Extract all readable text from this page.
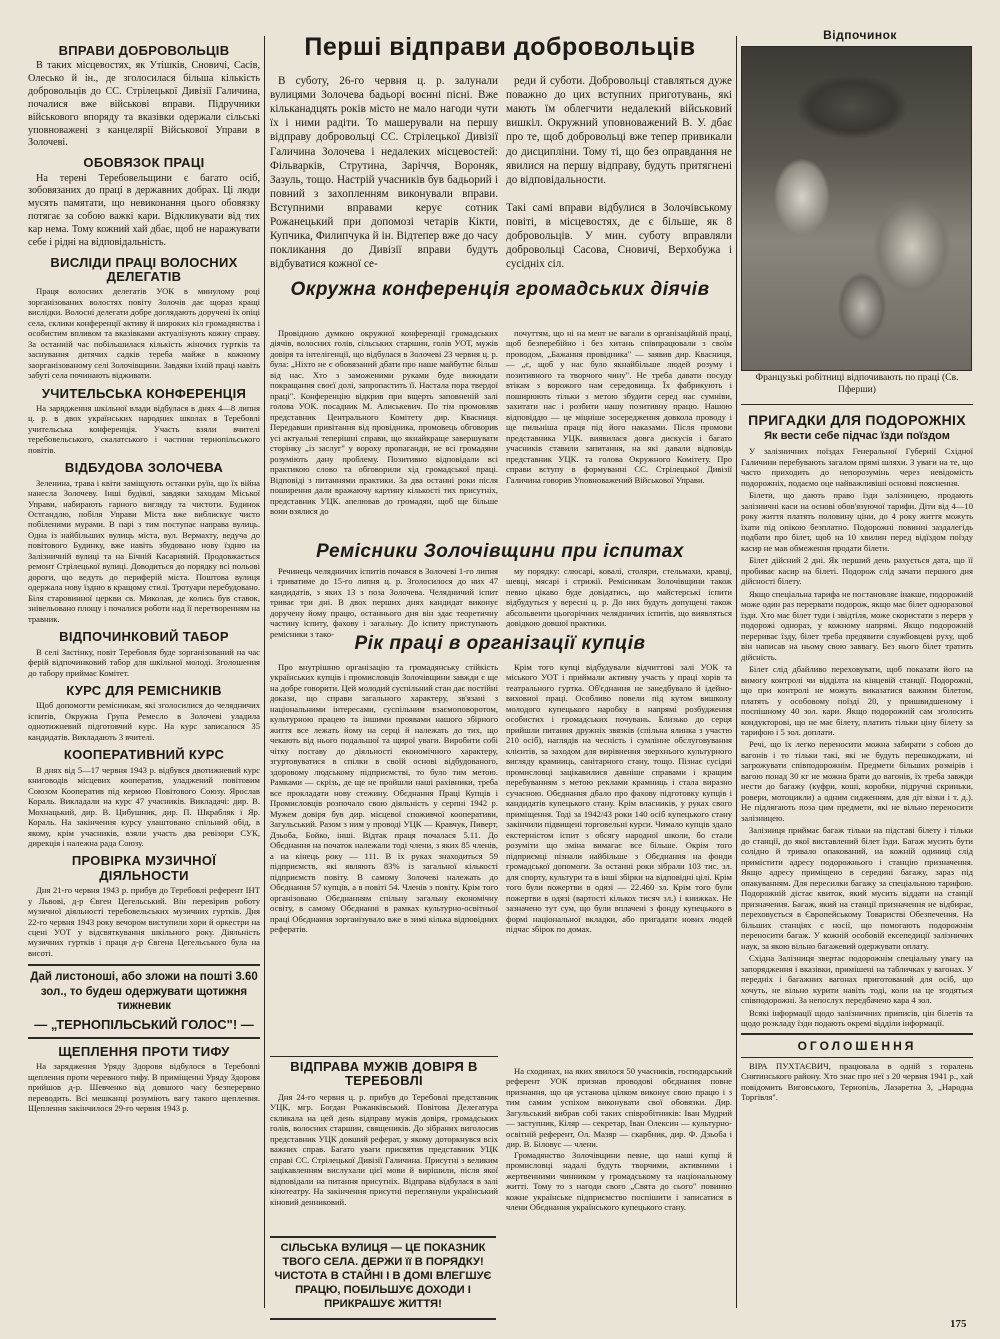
ВПРАВИ ДОБРОВОЛЬЦІВ

В таких місцевостях, як Утішків, Сновичі, Сасів, Олесько й ін., де зголосилася більша кількість добровольців до СС. Стрілецької Дивізії Галичина, почалися вже військові вправи. Підручники військового впоряду та вказівки одержали сільські уповноважені з канцелярії Військової Управи в Золочеві.

ОБОВЯЗОК ПРАЦІ

На терені Теребовельщини є багато осіб, зобовязаних до праці в державних добрах. Ці люди мусять памятати, що невиконання цього обовязку потягає за собою важкі кари. Відкликувати від тих кар нема. Тому кожний хай дбає, щоб не наражувати себе і рідні на відповідальність.

ВИСЛІДИ ПРАЦІ ВОЛОСНИХ ДЕЛЕГАТІВ

Праця волосних делегатів УОК в минулому році зорганізованих волостях повіту Золочів дає щораз кращі вислідки. Волосні делегати добре доглядають доручені їх опіці села, склики конференції активу й широких кіл громадянства і особистим впливом та вказівками актуалізують кожну справу. За останній час побільшилася кількість жіночих гуртків та заснування дитячих садків тереба майже в кожному заорганізованому селі Золочівщини. Завдяки їхній праці навіть забуті села починають відживати.

УЧИТЕЛЬСЬКА КОНФЕРЕНЦІЯ

На зарядження шкільної влади відбулася в днях 4—8 липня ц. р. в двох українських народних школах в Теребовлі учительська конференція. Участь взяли вчителі теребовельського, скалатського і частини тернопільського повітів.

ВІДБУДОВА ЗОЛОЧЕВА

Зеленина, трава і квіти заміщують останки руїн, що їх війна нанесла Золочеву. Інші будівлі, завдяки заходам Міської Управи, набирають гарного вигляду та чистоти. Будинок Остгандлю, побіля Управи Міста вже виблискує чисто побіленими мурами. В парі з тим поступає направа вулиць. Одна із найбільших вулиць міста, вул. Вермахту, ведуча до повітового Будинку, вже навіть збудовано нову їздню на Залізничній вулиці та на Бічній Касарняній. Продовжається ремонт Стрілецької вулиці. Доводиться до порядку всі польові дороги, що ведуть до периферій міста. Поштова вулиця одержала нову їздню в кращому стилі. Тротуари перебудовано. Біля старовинної церкви св. Миколая, де колись був ставок, знівельовано площу і почалися роботи над її перетворенням на травник.

ВІДПОЧИНКОВИЙ ТАБОР

В селі Застінку, повіт Теребовля буде зорганізований на час ферій відпочинковий табор для шкільної молоді. Зголошення до табору приймає Комітет.

КУРС ДЛЯ РЕМІСНИКІВ

Щоб допомогти ремісникам, які зголосилися до челядничих іспитів, Окружна Група Ремесло в Золочеві уладила однотижневий підготовчий курс. На курс записалося 35 кандидатів. Викладають 3 вчителі.

КООПЕРАТИВНИЙ КУРС

В днях від 5—17 червня 1943 р. відбувся двотижневий курс книговодів місцевих кооператив, уладжений повітовим Союзом Кооператив під кермою Повітового Союзу. Ярослав Кораль. Викладали на курс 47 учасників. Викладачі: дир. В. Мохнацький, дир. В. Цибушник, дир. П. Шкрабляк і Яр. Кораль. На закінчення курсу улаштовано спільний обід, в якому, крім учасників, взяли участь два ревізори СУК, дирекція і належна рада Союзу.

ПРОВІРКА МУЗИЧНОЇ ДІЯЛЬНОСТИ

Дня 21-го червня 1943 р. прибув до Теребовлі референт ІНТ у Львові, д-р Євген Цегельський. Він перевірив роботу музичної діяльності теребовельських музичних гуртків. Дня 22-го червня 1943 року вечором виступили хори й оркестри на сцені УОТ у відсвяткування шкільного року. Діяльність музичних гуртків і праця д-р Євгена Цегельського була на висоті.

Дай листоноші, або зложи на пошті 3.60 зол., то будеш одержувати щотижня тижневик
— „ТЕРНОПІЛЬСЬКИЙ ГОЛОС"! —
ЩЕПЛЕННЯ ПРОТИ ТИФУ

На зарядження Уряду Здоровя відбулося в Теребовлі щеплення проти черевного тифу. В приміщенні Уряду Здоровя прийшов д-р. Шевченко від довшого часу безперервно переводить. Всі мешканці розуміють вагу такого щеплення. Щеплення закінчилося 29-го червня 1943 р.

Перші відправи добровольців

В суботу, 26-го червня ц. р. залунали вулицями Золочева бадьорі воєнні пісні. Вже кільканадцять років місто не мало нагоди чути їх і ними радіти. То машерували на першу відправу добровольці СС. Стрілецької Дивізії Галичина Золочева і недалеких місцевостей: Фільварків, Струтина, Заріччя, Вороняк, Зазуль, тощо. Настрій учасників був бадьорий і повний з захопленням виконували вправи. Вступними вправами керує сотник Рожанецький при допомозі четарів Кікти, Купчика, Филипчука й ін. Відтепер вже до часу покликання до Дивізії вправи будуть відбуватися кожної се-

реди й суботи. Добровольці ставляться дуже поважно до цих вступних приготувань, які мають їм облегчити недалекий військовий вишкіл. Окружний уповноважений В. У. дбає про те, щоб добровольці вже тепер привикали до дисципліни. Тому ті, що без оправдання не явилися на першу відправу, будуть притягнені до відповідальности.

Такі самі вправи відбулися в Золочівському повіті, в місцевостях, де є більше, як 8 добровольців. У мин. суботу вправляли добровольці Сасова, Сновичі, Верхобужа і сусідніх сіл.

Окружна конференція громадських діячів

Провідною думкою окружної конференції громадських діячів, волосних голів, сільських старшин, голів УОТ, мужів довіря та інтелігенції, що відбулася в Золочеві 23 червня ц. р. була: „Ніхто не є обовязаний дбати про наше майбутнє більш від нас. Хто з заможеними руками буде вижидати покращання своєї долі, запропастить її. Настала пора твердої праці". Конференцію відкрив при вщерть заповненій залі голова УОК. посадник М. Алиськевич. По тім промовляв представник Центрального Комітету дир. Квасниця. Передавши привітання від провідника, промовець обговорив усі актуальні теперішні справи, що якнайкраще завершувати сторінку „із заслуг" у вороху пропаганди, не всі громадяни розуміють дану проблему. Позитивно відповідали всі практикою слово та обговорили хід громадської праці. Відповіді з питаннями практики. За два останні роки після поширення дали вражаючу картину кількості тих присутніх, представник УЦК. апелював до громадян, щоб ще більше вони взялися до

почуттям, що ні на мент не вагали в організаційній праці, щоб безперебійно і без хитань співпрацювали з своїм проводом, „Бажання провідника" — заявив дир. Квасниця, — „є, щоб у нас було якнайбільше людей розуму і позитивного та творчого чину". Не треба давати посуду втікам з ворожого нам середовища. Їх фабрикують і поширюють тільки з метою збудити серед нас сумніви, захитати нас і розбити нашу позитивну працю. Нашою відповіддю — це міцніше зосередження довкола проводу і ще пильніша праця під його наказами. Після промови представника УЦК. виявилася довга дискусія і багато учасників ставили запитання, на які давали відповідь представник УЦК. та голова Окружного Комітету. Про справи вступу в формуванні СС. Стрілецької Дивізії Галичина говорив Уповноважений Військової Управи.

Ремісники Золочівщини при іспитах

Речинець челядничих іспитів почався в Золочеві 1-го липня і триватиме до 15-го липня ц. р. Зголосилося до них 47 кандидатів, з яких 13 з поза Золочева. Челядничий іспит триває три дні. В двох перших днях кандидат виконує доручену йому працю, останнього дня він здає теоретичну частину іспиту, фахову і загальну. До іспиту приступають ремісники з тако-

му порядку: слюсарі, ковалі, столяри, стельмахи, кравці, шевці, мясарі і стрижії. Ремісникам Золочівщини також певно цікаво буде довідатись, що майстерські іспити відбудуться у вересні ц. р. До них будуть допущені також абсольвенти цьогорічних челядничих іспитів, що виявляться довідкою довшої практики.

Рік праці в організації купців

Про внутрішню організацію та громадянську стійкість українських купців і промисловців Золочівщини завжди є ще на добре говорити. Цей молодий суспільний стан дає постійні докази, що справи загального характеру, зв'язані з національними інтересами, суспільним взаємоповоротом, культурною працею та іншими проявами нашого збірного життя все лежать йому на серці й належать до тих, що чекають від нього подальшої та щирої уваги. Виробити собі чітку поставу до діяльності економічного характеру, згуртовуватися в спілки в своїй основі відбудованого, здоровому людському підприємстві, то було тим метою. Рамками — скрізь, де ще не пройшли наші рахівники, треба все прокладати нову стежину. Обєднання Праці Купців і Промисловців розпочало свою діяльність у серпні 1942 р. Мужем довіря був дир. місцевої споживчої кооперативи, Загульський. Разом з ним у проводі УЦК — Кравчук, Пиверт, Дзьоба, Бойко, інші. Відтак праця почалася 5.11. До Обєднання на початок належали тоді члени, з яких 85 членів, а на кінець року — 111. В їх руках знаходиться 59 підприємств, які являють 83% із загальної кількості підприємств повіту. В самому Золочеві належать до Обєднання 57 купців, а в повіті 54. Членів з повіту. Крім того організовано Обєднанням спільну загальну економічну освіту, в самому Обєднанні в рамках культурно-освітньої праці Обєднання зорганізувало вже в зимі кілька відповідних рефератів.

Крім того купці відбудували відчиттові залі УОК та міського УОТ і приймали активну участь у праці хорів та театрального гуртка. Об'єднання не занедбувало й ідейно-виховної праці. Особливо повели під кутом вишколу молодого купецького наробку в напрямі розбудження особистих і громадських почувань. Близько до серця прийшли питання дружніх звязків (спільна ялинка з участю 210 осіб), наглядів на чесність і сумлінне обслуговування клієнтів, за заходом для вирівнення зверхнього культурного вигляду крамниць, санітарного стану, тощо. Пізнає сусідні промисловці зацікавилися давніше справами і кращим перебуванням з метою реклами крамниць і стала виразно сучасною. Обєднання дбало про фахову підготовку купців і кандидатів купецького стану. Крім власників, у руках свого приміщення. Тоді за 1942/43 роки 140 осіб купецького стану закінчили підвищені торговельні курси. Чимало купців здало екстерністом іспит з обсягу народної школи, бо стали розуміти що зміна вимагає все більше. Окрім того підприємці пізнали найбільше з Обєднання на фонди громадської допомоги. За останні роки зібрали 103 тис. зл. для спорту, культури та в інші збірки на відповідні цілі. Крім того були пожертви в одязі — 22.460 зл. Крім того були пожертви в одязі (вартості кількох тисяч зл.) і книжках. Не зазначено тут сум, що були вплачені з фонду купецького в формі національної вкладки, або пригадати нових людей підчас збірок по домах.

На сходинах, на яких явилося 50 учасників, господарський референт УОК признав проводові обєднання повне признання, що ця установа цілком виконує свою працю і з тим самим успіхом виконувати свої обовязки. Дир. Загульський вибрав собі таких співробітників: Іван Мудрий — заступник, Кіляр — секретар, Іван Олексин — культурно-освітній референт, Ол. Мазяр — скарбник, дир. Ф. Дзьоба і дир. В. Біловус — члени.

Громадянство Золочівщини певне, що наші купці й промисловці надалі будуть творчими, активними і жертвенними чинником у громадському та національному житті. Тому то з нагоди свого „Свята до сього" повинно кожне українське підприємство поспішити і записатися в члени Обєднання українського купецького стану.

ВІДПРАВА МУЖІВ ДОВІРЯ В ТЕРЕБОВЛІ

Дня 24-го червня ц. р. прибув до Теребовлі представник УЦК, мгр. Богдан Рожанківський. Повітова Делегатура скликала на цей день відправу мужів довіря, громадських голів, волосних старшин, священиків. До зібраних виголосив представник УЦК довший реферат, у якому доторкнувся всіх важних справ. Багато уваги присвятив представник УЦК справі СС. Стрілецької Дивізії Галичина. Присутні з великим зацікавленням вислухали цієї мови й вирішили, після якої відповідали на питання присутніх. Відправа відбулася в залі кінотеатру. На закінчення присутні переглянули український кіновий денниковий.

СІЛЬСЬКА ВУЛИЦЯ — ЦЕ ПОКАЗНИК ТВОГО СЕЛА. ДЕРЖИ її В ПОРЯДКУ! ЧИСТОТА В СТАЙНІ І В ДОМІ ВЛЕГШУЄ ПРАЦЮ, ПОБІЛЬШУЄ ДОХОДИ І ПРИКРАШУЄ ЖИТТЯ!
Відпочинок
Французькі робітниці відпочивають по праці (Св. Пферши)
ПРИГАДКИ ДЛЯ ПОДОРОЖНІХ
Як вести себе підчас їзди поїздом

У залізничних поїздах Генеральної Губернії Східної Галичини перебувають загалом прямі шляхи. З уваги на те, що часто приходить до непорозумінь через невідомість подорожніх, подаємо оце найважливіші основні пояснення.

Білети, що дають право їзди залізницею, продають залізничні каси на основі обов'язуючої тарифи. Діти від 4—10 року життя платять половину ціни, до 4 року життя можуть їхати під опікою безплатно. Подорожні повинні заздалегідь подбати про білет, щоб на 10 хвилин перед відїздом поїзду касир не мав обмеження продати білети.

Білет дійсний 2 дні. Як перший день рахується дата, що її пробиває касир на білеті. Подорож слід зачати першого дня дійсності білету.

Якщо спеціальна тарифа не постановляє інакше, подорожній може один раз перервати подорож, якщо має білет одноразової їзди. Хто має білет туди і звідтіля, може скористати з перерв у подорожі однораз, у кожному напрямі. Якщо подорожній перериває їзду, білет треба предявити службовцеві руху, щоб він написав на ньому свою заввагу. Без нього білет тратить дійсність.

Білет слід дбайливо переховувати, щоб показати його на вимогу контролі чи відділта на кінцевій станції. Подорожні, що при контролі не можуть виказатися важним білетом, платять у особовому поїзді 20, у пришвидшеному і поспішному 40 зол. кари. Якщо подорожній сам зголосить кондукторові, що не має білету, платить тільки ціну білету за тарифою і 5 зол. доплати.

Речі, що їх легко переносити можна забирати з собою до вагонів і то тільки такі, які не будуть перешкоджати, ні загрожувати співподорожнім. Предмети більших розмірів і вагою понад 30 кг не можна брати до вагонів, їх треба завжди нести до багажу (куфри, коші, коробки, підручні скриньки, ровери, мотоцикли) а одним сидженням, для діт візки і т. д.). Не підлягають поза цим предмети, які не вільно переносити залізницею.

Залізниця приймає багаж тільки на підставі білету і тільки до станції, до якої виставлений білет їзди. Багаж мусить бути солідно й тривало опакований, на кожній одиниці слід примістити адресу подорожнього і станцію призначення. Якщо адресу приміщено в середині багажу, зараз під опакуванням. Для пересилки багажу за спеціальною тарифою. Подорожній дістає квиток, який мусить віддати на станції призначення. Багаж, який на станції призначення не відбирає, переховується в Європейському Товаристві Обезпечення. На більших станціях є носії, що помогають подорожнім переносити багаж. У кожній особовій ексепедиції залізничих наук, за якою вільно багажевий одержувати оплату.

Східна Залізниця звертає подорожнім спеціальну увагу на запорядження і вказівки, примішені на табличках у вагонах. У передніх і багажних вагонах приготований для осіб, що хочуть, не вільно курити навіть тоді, коли на це згодяться співподорожні. За непослух передбачено кара 4 зол.

Всякі інформації щодо залізничних приписів, цін білетів та щодо розкладу їзди подають окремі відділи інформації.

ОГОЛОШЕННЯ

ВІРА ПУХТАЄВИЧ, працювала в одній з горалень Снятинського району. Хто знає про неї з 20 червня 1941 р., хай повідомить Виговського, Тернопіль, Лазаретна 3, „Народна Торгівля".

175
